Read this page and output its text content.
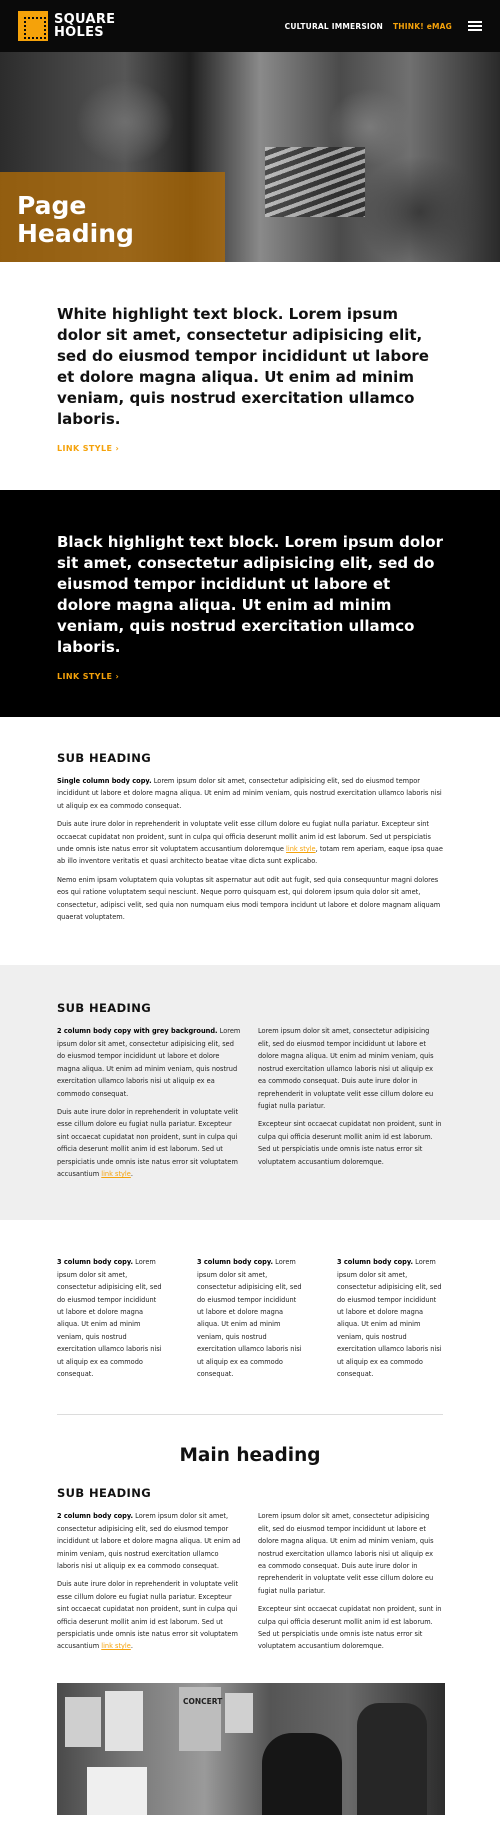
SQUARE
HOLES	CULTURAL IMMERSION THINK! eMAG
Page
Heading

White highlight text block. Lorem ipsum dolor sit amet, consectetur adipisicing elit, sed do eiusmod tempor incididunt ut labore et dolore magna aliqua. Ut enim ad minim veniam, quis nostrud exercitation ullamco laboris.

LINK STYLE ›

Black highlight text block. Lorem ipsum dolor sit amet, consectetur adipisicing elit, sed do eiusmod tempor incididunt ut labore et dolore magna aliqua. Ut enim ad minim veniam, quis nostrud exercitation ullamco laboris.

LINK STYLE ›
SUB HEADING

Single column body copy. Lorem ipsum dolor sit amet, consectetur adipisicing elit, sed do eiusmod tempor incididunt ut labore et dolore magna aliqua. Ut enim ad minim veniam, quis nostrud exercitation ullamco laboris nisi ut aliquip ex ea commodo consequat.

Duis aute irure dolor in reprehenderit in voluptate velit esse cillum dolore eu fugiat nulla pariatur. Excepteur sint occaecat cupidatat non proident, sunt in culpa qui officia deserunt mollit anim id est laborum. Sed ut perspiciatis unde omnis iste natus error sit voluptatem accusantium doloremque link style, totam rem aperiam, eaque ipsa quae ab illo inventore veritatis et quasi architecto beatae vitae dicta sunt explicabo.

Nemo enim ipsam voluptatem quia voluptas sit aspernatur aut odit aut fugit, sed quia consequuntur magni dolores eos qui ratione voluptatem sequi nesciunt. Neque porro quisquam est, qui dolorem ipsum quia dolor sit amet, consectetur, adipisci velit, sed quia non numquam eius modi tempora incidunt ut labore et dolore magnam aliquam quaerat voluptatem.

SUB HEADING

2 column body copy with grey background. Lorem ipsum dolor sit amet, consectetur adipisicing elit, sed do eiusmod tempor incididunt ut labore et dolore magna aliqua. Ut enim ad minim veniam, quis nostrud exercitation ullamco laboris nisi ut aliquip ex ea commodo consequat.

Duis aute irure dolor in reprehenderit in voluptate velit esse cillum dolore eu fugiat nulla pariatur. Excepteur sint occaecat cupidatat non proident, sunt in culpa qui officia deserunt mollit anim id est laborum. Sed ut perspiciatis unde omnis iste natus error sit voluptatem accusantium link style.

Lorem ipsum dolor sit amet, consectetur adipisicing elit, sed do eiusmod tempor incididunt ut labore et dolore magna aliqua. Ut enim ad minim veniam, quis nostrud exercitation ullamco laboris nisi ut aliquip ex ea commodo consequat. Duis aute irure dolor in reprehenderit in voluptate velit esse cillum dolore eu fugiat nulla pariatur.

Excepteur sint occaecat cupidatat non proident, sunt in culpa qui officia deserunt mollit anim id est laborum. Sed ut perspiciatis unde omnis iste natus error sit voluptatem accusantium doloremque.

3 column body copy. Lorem ipsum dolor sit amet, consectetur adipisicing elit, sed do eiusmod tempor incididunt ut labore et dolore magna aliqua. Ut enim ad minim veniam, quis nostrud exercitation ullamco laboris nisi ut aliquip ex ea commodo consequat.

3 column body copy. Lorem ipsum dolor sit amet, consectetur adipisicing elit, sed do eiusmod tempor incididunt ut labore et dolore magna aliqua. Ut enim ad minim veniam, quis nostrud exercitation ullamco laboris nisi ut aliquip ex ea commodo consequat.

3 column body copy. Lorem ipsum dolor sit amet, consectetur adipisicing elit, sed do eiusmod tempor incididunt ut labore et dolore magna aliqua. Ut enim ad minim veniam, quis nostrud exercitation ullamco laboris nisi ut aliquip ex ea commodo consequat.

Main heading
SUB HEADING

2 column body copy. Lorem ipsum dolor sit amet, consectetur adipisicing elit, sed do eiusmod tempor incididunt ut labore et dolore magna aliqua. Ut enim ad minim veniam, quis nostrud exercitation ullamco laboris nisi ut aliquip ex ea commodo consequat.

Duis aute irure dolor in reprehenderit in voluptate velit esse cillum dolore eu fugiat nulla pariatur. Excepteur sint occaecat cupidatat non proident, sunt in culpa qui officia deserunt mollit anim id est laborum. Sed ut perspiciatis unde omnis iste natus error sit voluptatem accusantium link style.

Lorem ipsum dolor sit amet, consectetur adipisicing elit, sed do eiusmod tempor incididunt ut labore et dolore magna aliqua. Ut enim ad minim veniam, quis nostrud exercitation ullamco laboris nisi ut aliquip ex ea commodo consequat. Duis aute irure dolor in reprehenderit in voluptate velit esse cillum dolore eu fugiat nulla pariatur.

Excepteur sint occaecat cupidatat non proident, sunt in culpa qui officia deserunt mollit anim id est laborum. Sed ut perspiciatis unde omnis iste natus error sit voluptatem accusantium doloremque.

CONCERT
